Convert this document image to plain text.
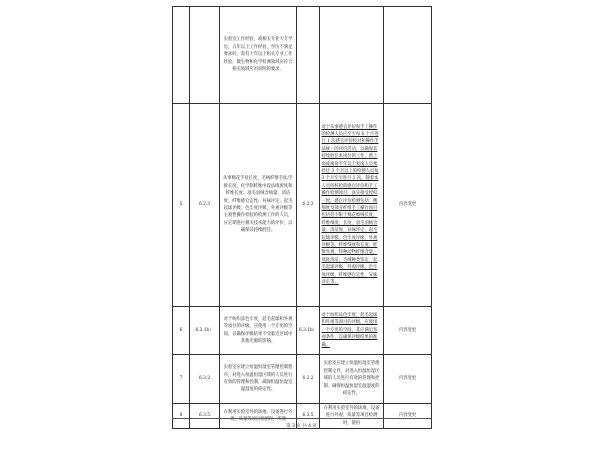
		实验室工作经验，或相关专业大专学历，五年以上工作经验，学历不满足要求时，需有十年以上相关专业工作经验。微生物和化学检测领域应符合相关领域应用说明的要求。			
5	6.2.3	从事棉花手扯长度、毛绒纤维手扯/手排长度、化学制纤维中段法线密度和纤维长度、羽毛羽绒含绒量、清洁度、纤维感官定性、异味评定、起毛起球评级、色牢度评级、外观评级等主观性操作检验的检测工作的人员，应定期进行相关技术能力的评价，以确保其持续胜任。	6.2.3	对于从事感官评价和手工操作的检测人员应至少每 6 个月进行 1 次感官评价校对和操作手法统一的评价活动，以确保其持续胜任本岗位的工作，新上岗或离岗半年以上复岗人员须经过 3 个月以上的检测人员每 3 个月至少进行 1 次，随着本人员所校检的感官评价和手工操作检测项目，真实接受授权一致，感官评价检测包括：精细度及部分纤维手工操作项目包括但不限于棉花细绒长度、纤维细度、长度、羽毛羽绒含量、清洁度、异味评定、起毛起球评级、色牢度评级、外观评级等。纤维细度和长度、纤维外观、特种动物纤维含量、蒸洗清洁，毛绒种类鉴定、起毛起球评级、外观评级、色牢度评级，纤维感官定性、异味评定等。	内容变更
6	6.3.1b）	对于纺织品色牢度、起毛起球和外观等项目的评级，应使用一个专用的空间，以确保评级结果不受临近区域中其他光源的影响。	6.3.1b）	对于纺织品色牢度、起毛起球和外观等项目的评级，应使用一个专用的空间，其应满足客观条件，以确保评级结果的准确。	内容变更
7	6.3.2	实验室应建立恒温恒湿室管理控制程序，对进入恒温恒湿区域的人员进行有效的管理和控制，确保恒温恒湿室温湿度的稳定性。	6.3.2	实验室应建立恒温恒湿室管理控制文件，对进入恒温恒湿区域的人员进行有效的管理和控制，确保恒温恒湿室温湿度的稳定性。	内容变更
8	6.3.5	在利用实验室外的场地、设备进行外观、质量等项目检测时，所使	6.3.5	在利用实验室外的场地、设备进行外观、质量等项目检测时，使用	内容变更
第 3 页 共 4 页
